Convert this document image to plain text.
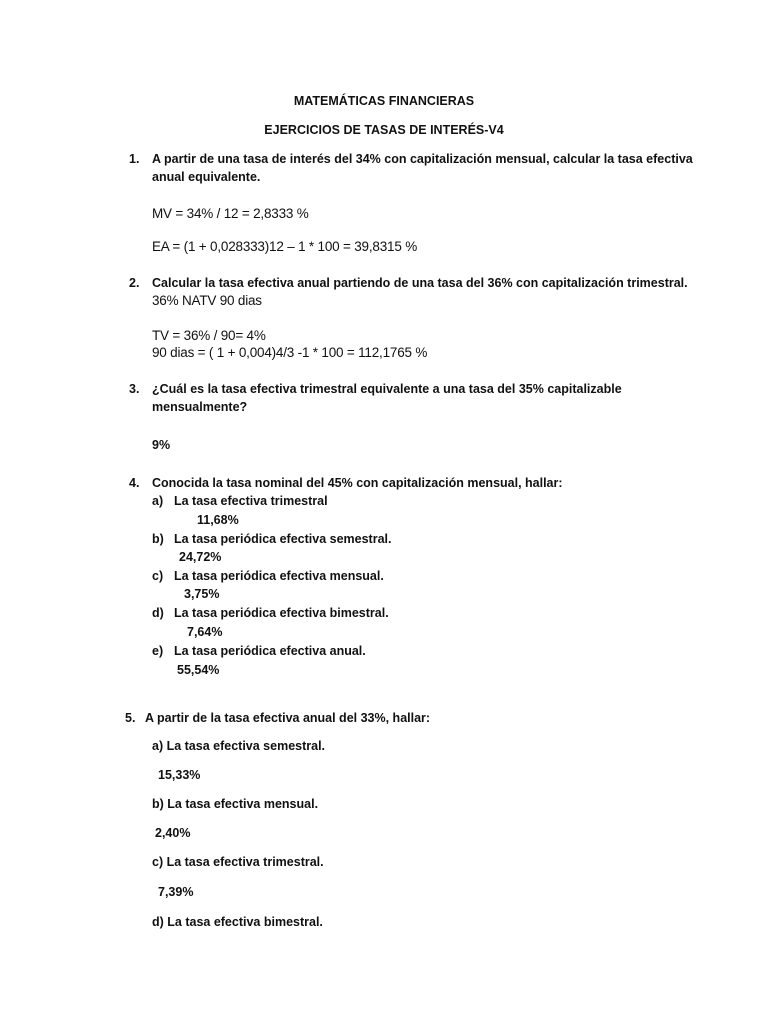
MATEMÁTICAS FINANCIERAS
EJERCICIOS DE TASAS DE INTERÉS-V4
1. A partir de una tasa de interés del 34% con capitalización mensual, calcular la tasa efectiva
anual equivalente.
MV = 34% / 12 = 2,8333 %
EA = (1 + 0,028333)12 – 1 * 100 = 39,8315 %
2. Calcular la tasa efectiva anual partiendo de una tasa del 36% con capitalización trimestral.
36% NATV 90 dias
TV = 36% / 90= 4%
90 dias = ( 1 + 0,004)4/3 -1 * 100 = 112,1765 %
3. ¿Cuál es la tasa efectiva trimestral equivalente a una tasa del 35% capitalizable
mensualmente?
9%
4. Conocida la tasa nominal del 45% con capitalización mensual, hallar:
a) La tasa efectiva trimestral
11,68%
b) La tasa periódica efectiva semestral.
24,72%
c) La tasa periódica efectiva mensual.
3,75%
d) La tasa periódica efectiva bimestral.
7,64%
e) La tasa periódica efectiva anual.
55,54%
5. A partir de la tasa efectiva anual del 33%, hallar:
a) La tasa efectiva semestral.
15,33%
b) La tasa efectiva mensual.
2,40%
c) La tasa efectiva trimestral.
7,39%
d) La tasa efectiva bimestral.
